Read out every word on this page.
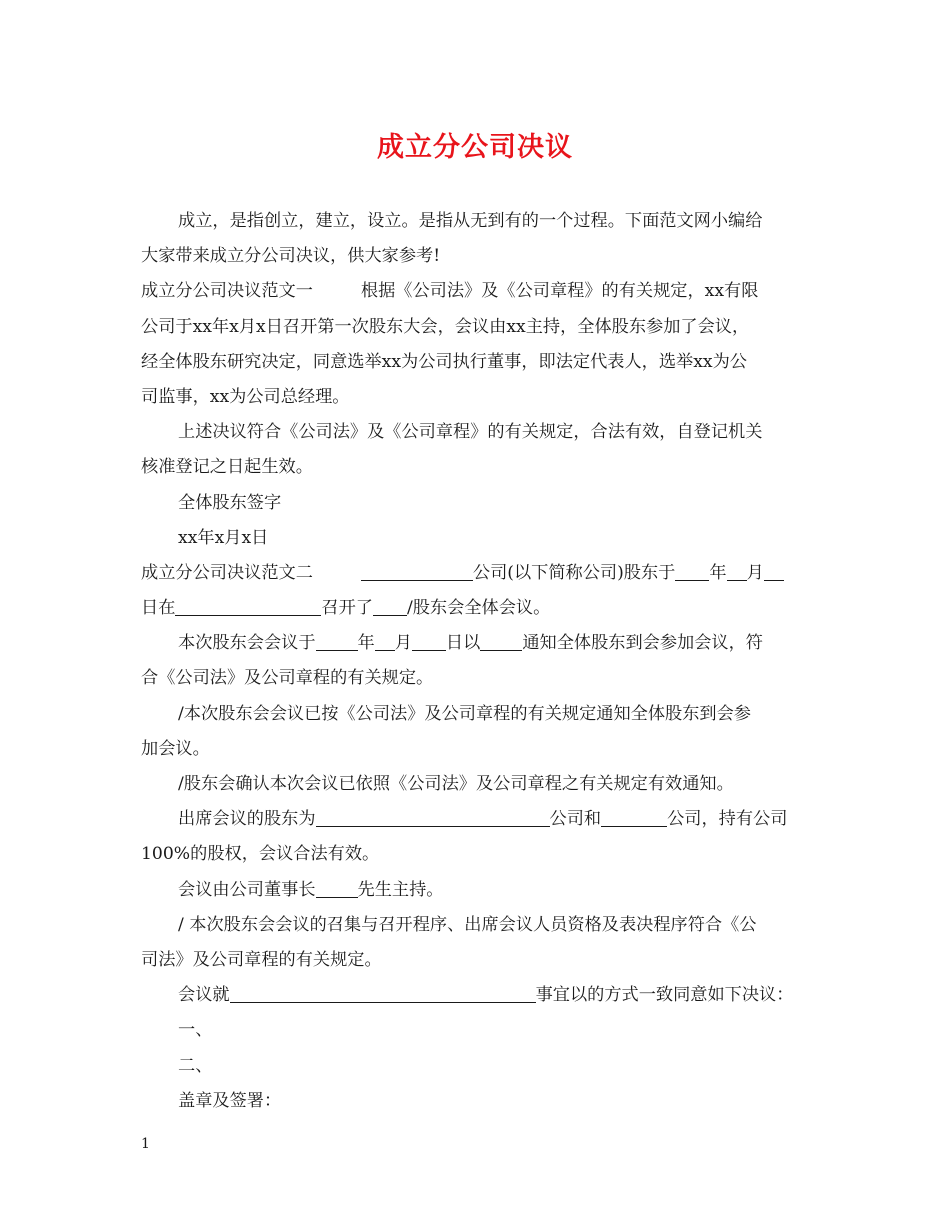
成立分公司决议
成立，是指创立，建立，设立。是指从无到有的一个过程。下面范文网小编给
大家带来成立分公司决议，供大家参考!
成立分公司决议范文一	根据《公司法》及《公司章程》的有关规定，xx有限
公司于xx年x月x日召开第一次股东大会，会议由xx主持，全体股东参加了会议，
经全体股东研究决定，同意选举xx为公司执行董事，即法定代表人，选举xx为公
司监事，xx为公司总经理。
上述决议符合《公司法》及《公司章程》的有关规定，合法有效，自登记机关
核准登记之日起生效。
全体股东签字
xx年x月x日
成立分公司决议范文二	公司(以下简称公司)股东于 年 月
日在	召开了 /股东会全体会议。
本次股东会会议于 年 月 日以 通知全体股东到会参加会议，符
合《公司法》及公司章程的有关规定。
/本次股东会会议已按《公司法》及公司章程的有关规定通知全体股东到会参
加会议。
/股东会确认本次会议已依照《公司法》及公司章程之有关规定有效通知。
出席会议的股东为	公司和	公司，持有公司
100%的股权，会议合法有效。
会议由公司董事长 先生主持。
/ 本次股东会会议的召集与召开程序、出席会议人员资格及表决程序符合《公
司法》及公司章程的有关规定。
会议就	事宜以的方式一致同意如下决议：
一、
二、
盖章及签署：
1
